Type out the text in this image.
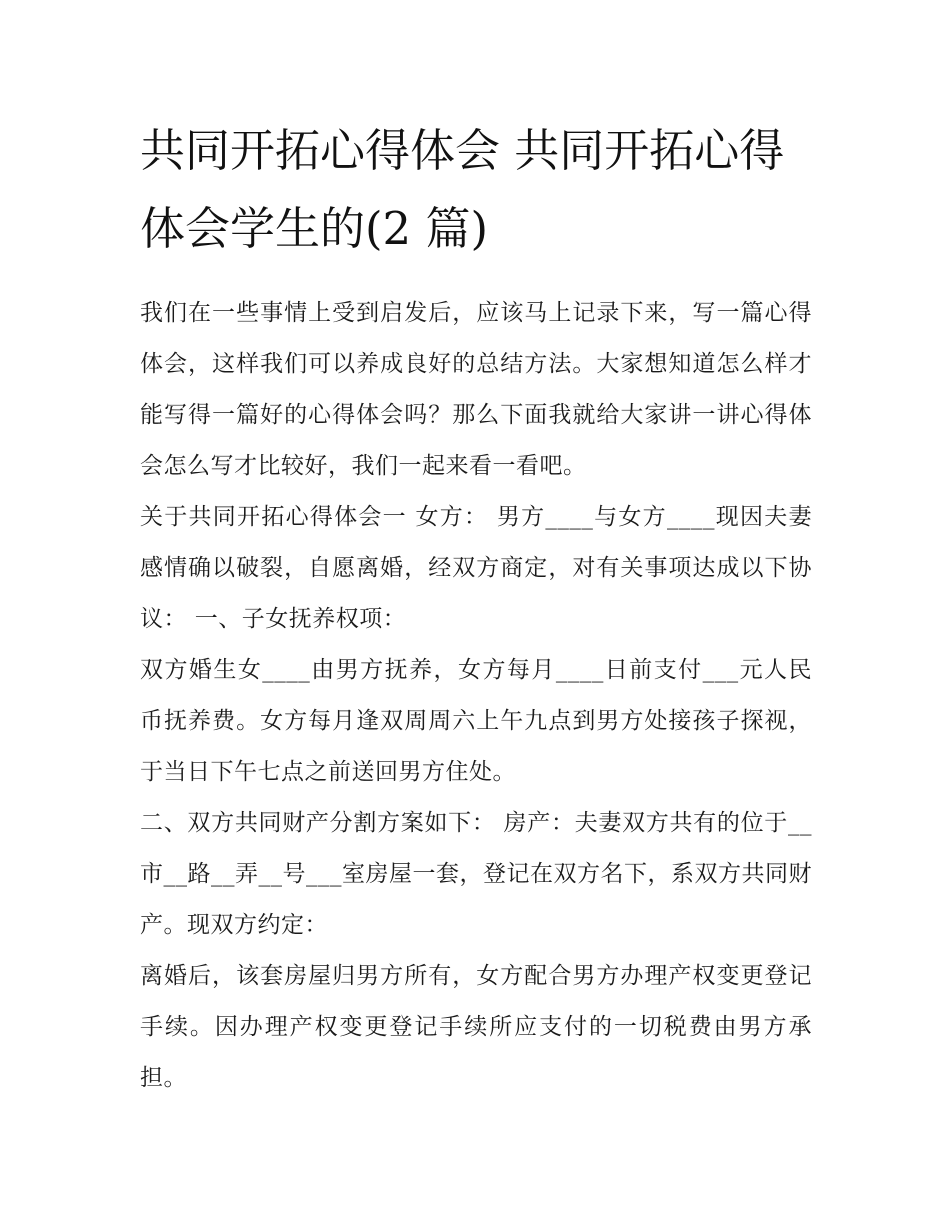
共同开拓心得体会 共同开拓心得体会学生的(2 篇)

我们在一些事情上受到启发后，应该马上记录下来，写一篇心得体会，这样我们可以养成良好的总结方法。大家想知道怎么样才能写得一篇好的心得体会吗？那么下面我就给大家讲一讲心得体会怎么写才比较好，我们一起来看一看吧。

关于共同开拓心得体会一 女方： 男方____与女方____现因夫妻感情确以破裂，自愿离婚，经双方商定，对有关事项达成以下协议： 一、子女抚养权项：

双方婚生女____由男方抚养，女方每月____日前支付___元人民币抚养费。女方每月逢双周周六上午九点到男方处接孩子探视，于当日下午七点之前送回男方住处。

二、双方共同财产分割方案如下： 房产：夫妻双方共有的位于__市__路__弄__号___室房屋一套，登记在双方名下，系双方共同财产。现双方约定：

离婚后，该套房屋归男方所有，女方配合男方办理产权变更登记手续。因办理产权变更登记手续所应支付的一切税费由男方承担。
